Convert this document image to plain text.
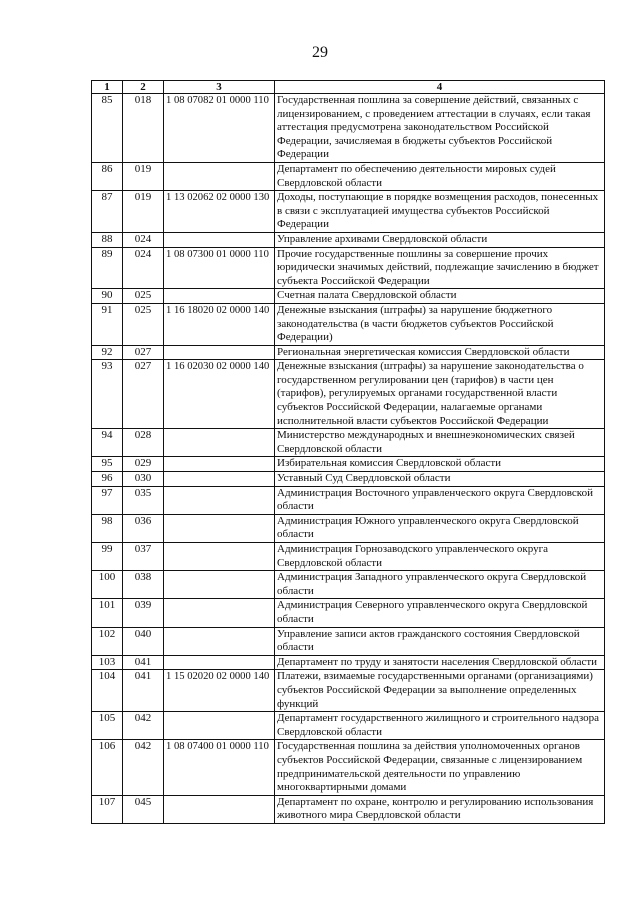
29
1	2	3	4
85	018	1 08 07082 01 0000 110	Государственная пошлина за совершение действий, связанных с лицензированием, с проведением аттестации в случаях, если такая аттестация предусмотрена законодательством Российской Федерации, зачисляемая в бюджеты субъектов Российской Федерации
86	019		Департамент по обеспечению деятельности мировых судей Свердловской области
87	019	1 13 02062 02 0000 130	Доходы, поступающие в порядке возмещения расходов, понесенных в связи с эксплуатацией имущества субъектов Российской Федерации
88	024		Управление архивами Свердловской области
89	024	1 08 07300 01 0000 110	Прочие государственные пошлины за совершение прочих юридически значимых действий, подлежащие зачислению в бюджет субъекта Российской Федерации
90	025		Счетная палата Свердловской области
91	025	1 16 18020 02 0000 140	Денежные взыскания (штрафы) за нарушение бюджетного законодательства (в части бюджетов субъектов Российской Федерации)
92	027		Региональная энергетическая комиссия Свердловской области
93	027	1 16 02030 02 0000 140	Денежные взыскания (штрафы) за нарушение законодательства о государственном регулировании цен (тарифов) в части цен (тарифов), регулируемых органами государственной власти субъектов Российской Федерации, налагаемые органами исполнительной власти субъектов Российской Федерации
94	028		Министерство международных и внешнеэкономических связей Свердловской области
95	029		Избирательная комиссия Свердловской области
96	030		Уставный Суд Свердловской области
97	035		Администрация Восточного управленческого округа Свердловской области
98	036		Администрация Южного управленческого округа Свердловской области
99	037		Администрация Горнозаводского управленческого округа Свердловской области
100	038		Администрация Западного управленческого округа Свердловской области
101	039		Администрация Северного управленческого округа Свердловской области
102	040		Управление записи актов гражданского состояния Свердловской области
103	041		Департамент по труду и занятости населения Свердловской области
104	041	1 15 02020 02 0000 140	Платежи, взимаемые государственными органами (организациями) субъектов Российской Федерации за выполнение определенных функций
105	042		Департамент государственного жилищного и строительного надзора Свердловской области
106	042	1 08 07400 01 0000 110	Государственная пошлина за действия уполномоченных органов субъектов Российской Федерации, связанные с лицензированием предпринимательской деятельности по управлению многоквартирными домами
107	045		Департамент по охране, контролю и регулированию использования животного мира Свердловской области
